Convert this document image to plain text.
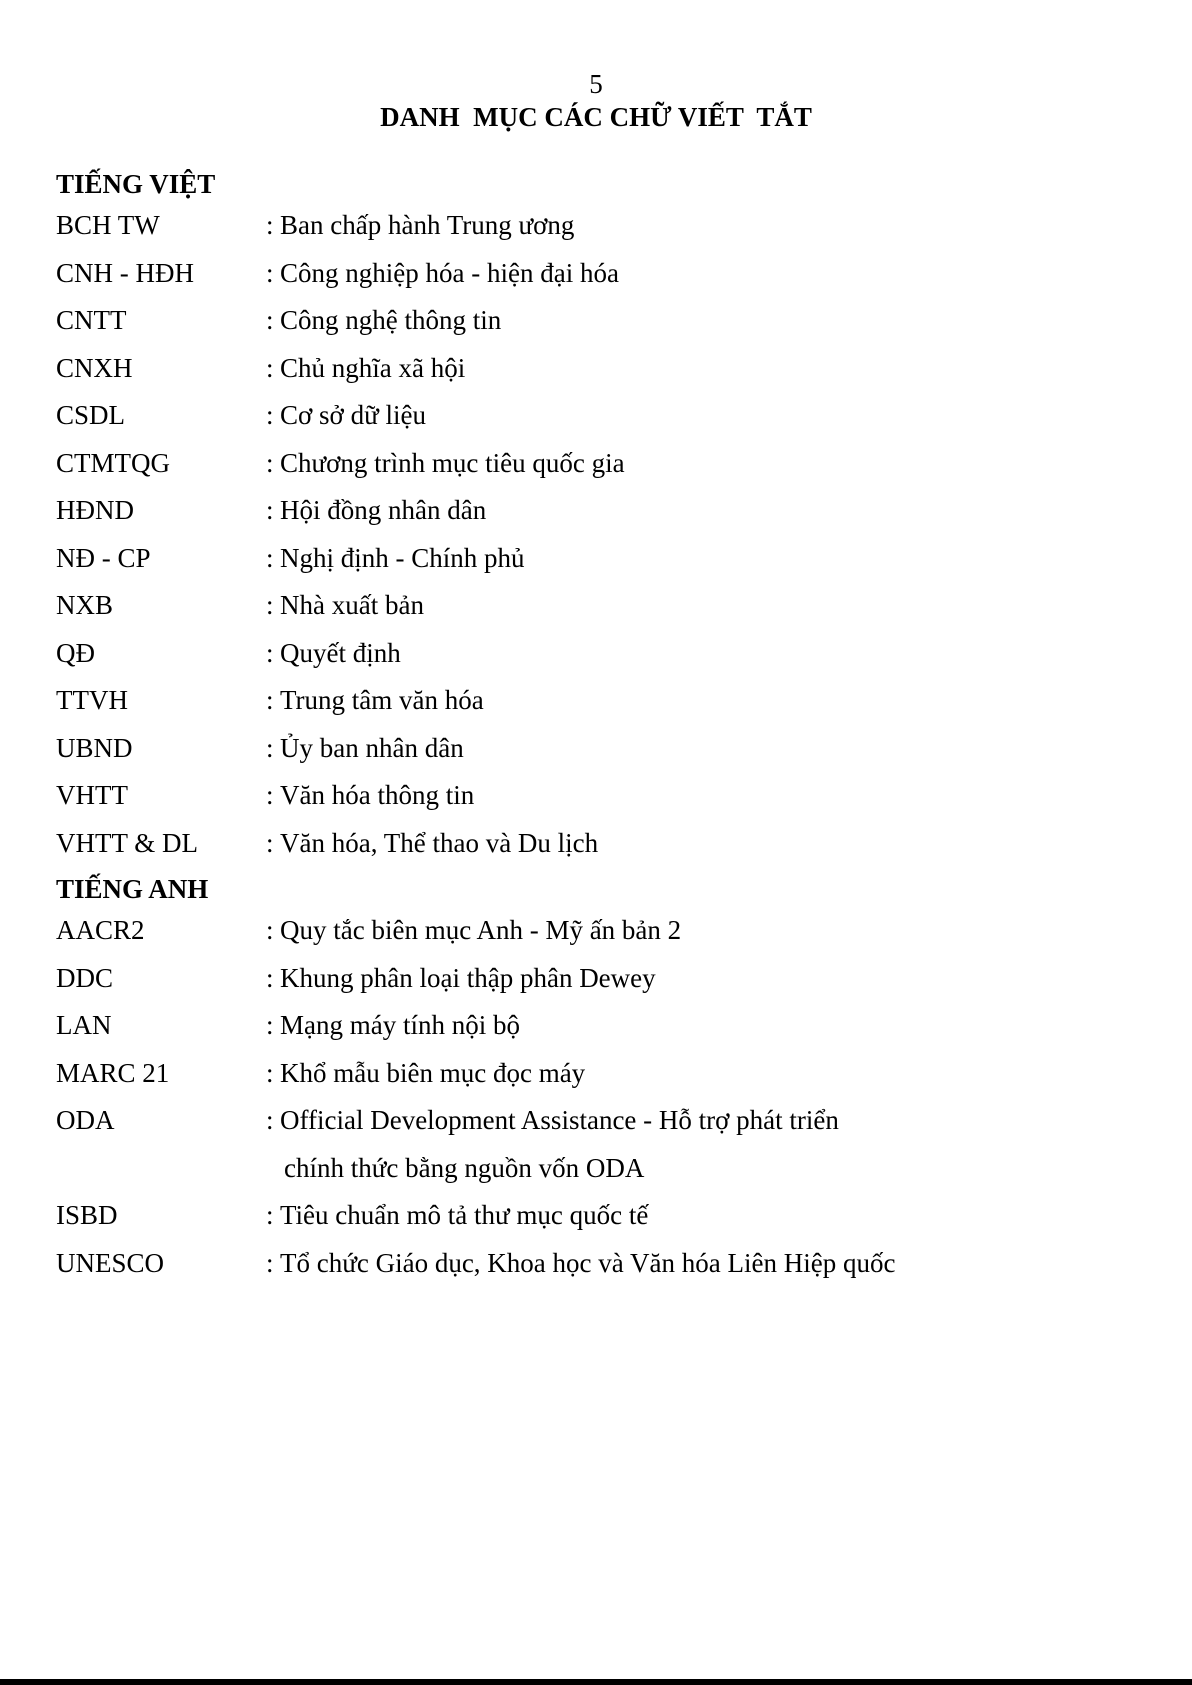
5
DANH  MỤC CÁC CHỮ VIẾT  TẮT
TIẾNG VIỆT
BCH TW	: Ban chấp hành Trung ương
CNH - HĐH	: Công nghiệp hóa - hiện đại hóa
CNTT	: Công nghệ thông tin
CNXH	: Chủ nghĩa xã hội
CSDL	: Cơ sở dữ liệu
CTMTQG	: Chương trình mục tiêu quốc gia
HĐND	: Hội đồng nhân dân
NĐ - CP	: Nghị định - Chính phủ
NXB	: Nhà xuất bản
QĐ	: Quyết định
TTVH	: Trung tâm văn hóa
UBND	: Ủy ban nhân dân
VHTT	: Văn hóa thông tin
VHTT & DL	: Văn hóa, Thể thao và Du lịch
TIẾNG ANH
AACR2	: Quy tắc biên mục Anh - Mỹ ấn bản 2
DDC	: Khung phân loại thập phân Dewey
LAN	: Mạng máy tính nội bộ
MARC 21	: Khổ mẫu biên mục đọc máy
ODA	: Official Development Assistance - Hỗ trợ phát triển
chính thức bằng nguồn vốn ODA
ISBD	: Tiêu chuẩn mô tả thư mục quốc tế
UNESCO	: Tổ chức Giáo dục, Khoa học và Văn hóa Liên Hiệp quốc
